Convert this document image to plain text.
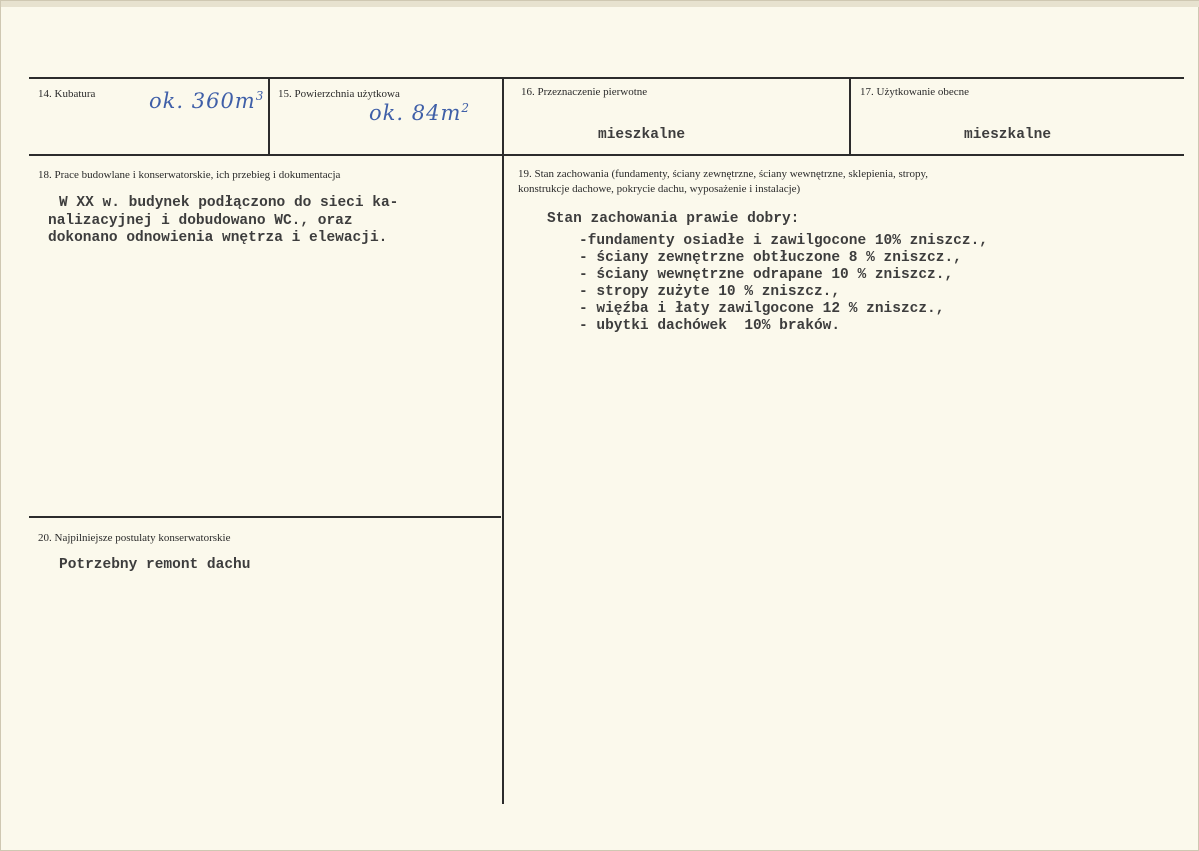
14. Kubatura	ok. $360m^3$ 15. Powierzchnia użytkowa
ok. $84m^2$
16. Przeznaczenie pierwotne
mieszkalne
17. Użytkowanie obecne
mieszkalne
18. Prace budowlane i konserwatorskie, ich przebieg i dokumentacja
W XX w. budynek podłączono do sieci ka-
nalizacyjnej i dobudowano WC., oraz
dokonano odnowienia wnętrza i elewacji.
19. Stan zachowania (fundamenty, ściany zewnętrzne, ściany wewnętrzne, sklepienia, stropy,
konstrukcje dachowe, pokrycie dachu, wyposażenie i instalacje)
Stan zachowania prawie dobry:
-fundamenty osiadłe i zawilgocone 10% zniszcz.,
- ściany zewnętrzne obtłuczone 8 % zniszcz.,
- ściany wewnętrzne odrapane 10 % zniszcz.,
- stropy zużyte 10 % zniszcz.,
- więźba i łaty zawilgocone 12 % zniszcz.,
- ubytki dachówek  10% braków.
20. Najpilniejsze postulaty konserwatorskie
Potrzebny remont dachu
